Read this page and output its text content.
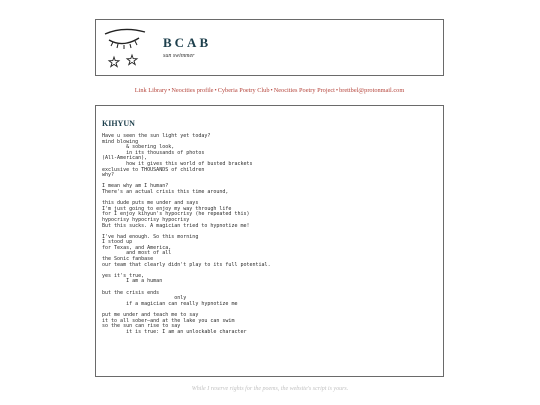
BCAB
sun swimmer
Link Library•Neocities profile•Cyberia Poetry Club•Neocities Poetry Project•brettbel@protonmail.com
KIHYUN
Have u seen the sun light yet today?
mind blowing
& sobering look,
in its thousands of photos
(All-American),
how it gives this world of busted brackets
exclusive to THOUSANDS of children
why?

I mean why am I human?
There's an actual crisis this time around,

this dude puts me under and says
I'm just going to enjoy my way through life
for I enjoy kihyun's hypocrisy (he repeated this)
hypocrisy hypocrisy hypocrisy
But this sucks. A magician tried to hypnotize me!

I've had enough. So this morning
I stood up
for Texas, and America,
and most of all
the Sonic fanbase
our team that clearly didn't play to its full potential.

yes it's true,
I am a human

but the crisis ends
only
if a magician can really hypnotize me

put me under and teach me to say
it to all sober—and at the lake you can swim
so the sun can rise to say
it is true: I am an unlockable character
While I reserve rights for the poems, the website's script is yours.
